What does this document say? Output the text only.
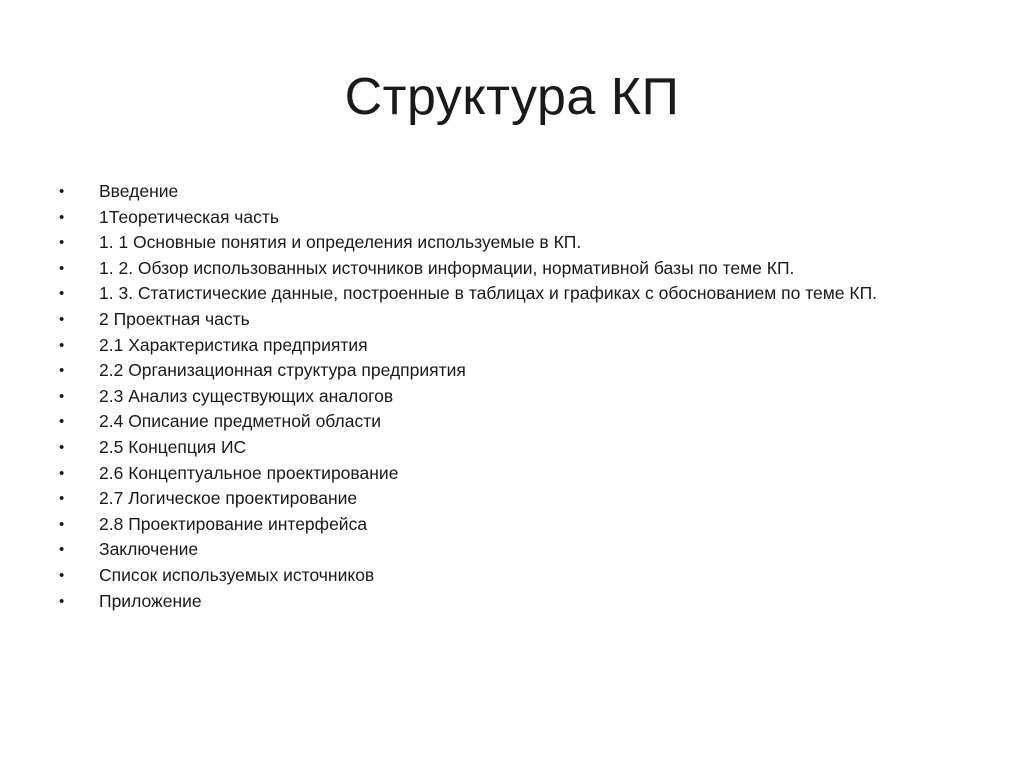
Структура КП
• Введение
• 1Теоретическая часть
• 1. 1 Основные понятия и определения используемые в КП.
• 1. 2. Обзор использованных источников информации, нормативной базы по теме КП.
• 1. 3. Статистические данные, построенные в таблицах и графиках с обоснованием по теме КП.
• 2 Проектная часть
• 2.1 Характеристика предприятия
• 2.2 Организационная структура предприятия
• 2.3 Анализ существующих аналогов
• 2.4 Описание предметной области
• 2.5 Концепция ИС
• 2.6 Концептуальное проектирование
• 2.7 Логическое проектирование
• 2.8 Проектирование интерфейса
• Заключение
• Список используемых источников
• Приложение
